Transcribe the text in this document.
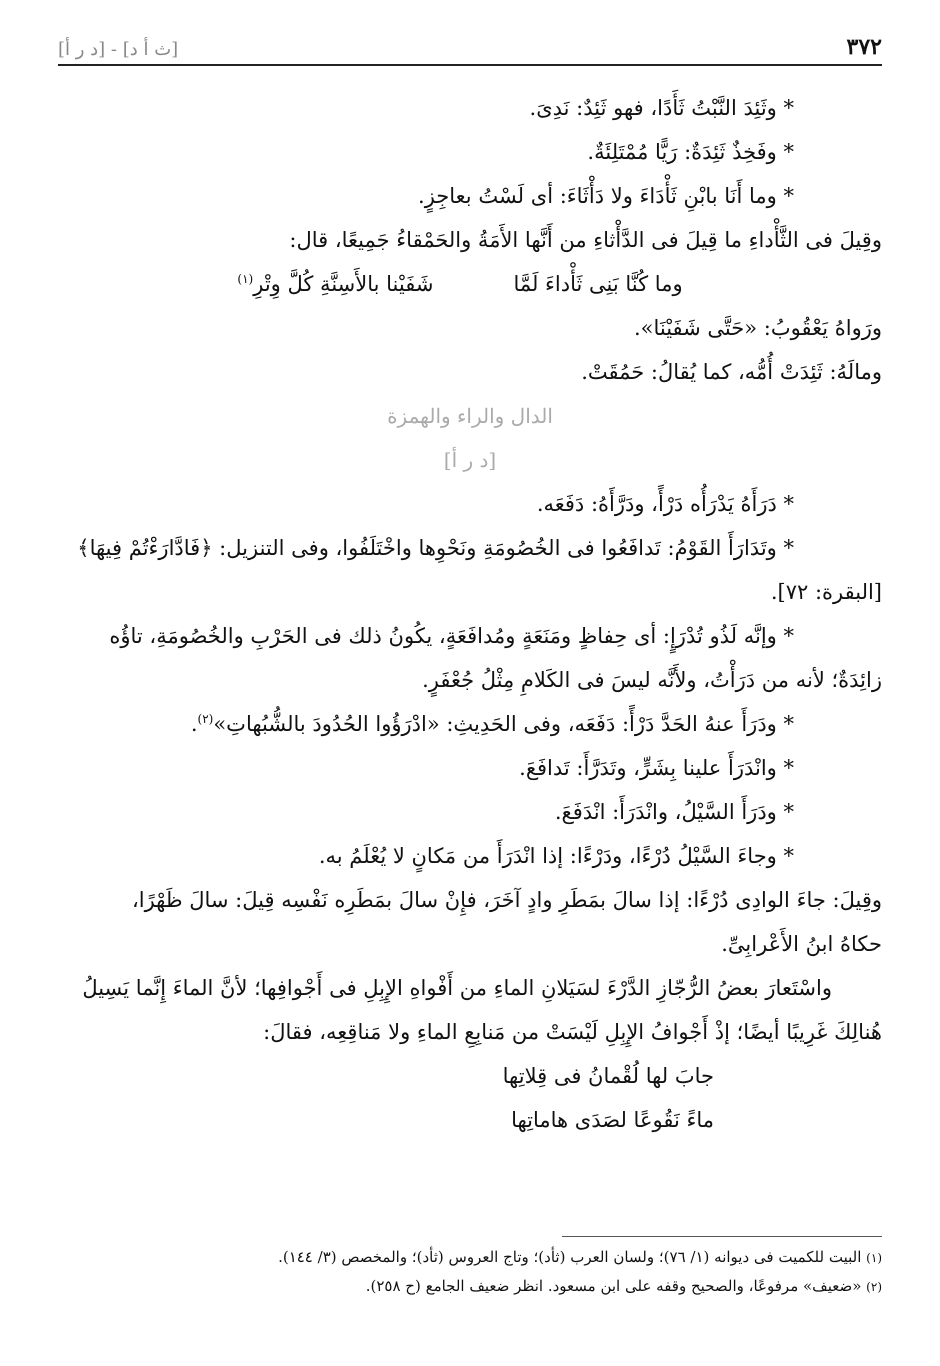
٣٧٢
[ث أ د] - [د ر أ]
* وثَئِدَ النَّبْتُ ثَأَدًا، فهو ثَئِدٌ: نَدِىَ.
* وفَخِذٌ ثَئِدَةٌ: رَيًّا مُمْتَلِئَةٌ.
* وما أَنَا بابْنِ ثَأْدَاءَ ولا دَأْثَاءَ: أى لَسْتُ بعاجِزٍ.
وقِيلَ فى الثَّأْداءِ ما قِيلَ فى الدَّأْثاءِ من أَنَّها الأَمَةُ والحَمْقاءُ جَمِيعًا، قال:
وما كُنَّا بَنِى ثَأْداءَ لَمَّا
شَفَيْنا بالأَسِنَّةِ كُلَّ وِتْرِ$^{(١)}$
ورَواهُ يَعْقُوبُ: «حَتَّى شَفَيْنَا».
ومالَهُ: ثَئِدَتْ أُمُّه، كما يُقالُ: حَمُقَتْ.
الدال والراء والهمزة
[د ر أ]
* دَرَأَهُ يَدْرَأُه دَرْأً، ودَرَّأَهُ: دَفَعَه.
* وتَدَارَأَ القَوْمُ: تَدافَعُوا فى الخُصُومَةِ ونَحْوِها واخْتَلَفُوا، وفى التنزيل: ﴿فَادَّارَءْتُمْ فِيهَا﴾
[البقرة: ٧٢].
* وإنَّه لَذُو تُدْرَإٍ: أى حِفاظٍ ومَنَعَةٍ ومُدافَعَةٍ، يكُونُ ذلك فى الحَرْبِ والخُصُومَةِ، تاؤُه
زائِدَةٌ؛ لأنه من دَرَأْتُ، ولأَنَّه ليسَ فى الكَلامِ مِثْلُ جُعْفَرٍ.
* ودَرَأَ عنهُ الحَدَّ دَرْأً: دَفَعَه، وفى الحَدِيثِ: «ادْرَؤُوا الحُدُودَ بالشُّبُهاتِ»$^{(٢)}$.
* وانْدَرَأَ علينا بِشَرٍّ، وتَدَرَّأَ: تَدافَعَ.
* ودَرَأَ السَّيْلُ، وانْدَرَأَ: انْدَفَعَ.
* وجاءَ السَّيْلُ دُرْءًا، ودَرْءًا: إذا انْدَرَأَ من مَكانٍ لا يُعْلَمُ به.
وقِيلَ: جاءَ الوادِى دُرْءًا: إذا سالَ بمَطَرِ وادٍ آخَرَ، فإِنْ سالَ بمَطَرِه نَفْسِه قِيلَ: سالَ ظَهْرًا،
حكاهُ ابنُ الأَعْرابِىِّ.
واسْتَعارَ بعضُ الرُّجّازِ الدَّرْءَ لسَيَلانِ الماءِ من أَفْواهِ الإِبِلِ فى أَجْوافِها؛ لأنَّ الماءَ إِنَّما يَسِيلُ
هُنالِكَ غَرِيبًا أيضًا؛ إذْ أَجْوافُ الإِبِلِ لَيْسَتْ من مَنابِعِ الماءِ ولا مَناقِعِه، فقالَ:
جابَ لها لُقْمانُ فى قِلاتِها
ماءً نَقُوعًا لصَدَى هاماتِها
(١) البيت للكميت فى ديوانه (١/ ٧٦)؛ ولسان العرب (ثأد)؛ وتاج العروس (ثأد)؛ والمخصص (٣/ ١٤٤).
(٢) «ضعيف» مرفوعًا، والصحيح وقفه على ابن مسعود. انظر ضعيف الجامع (ح ٢٥٨).
